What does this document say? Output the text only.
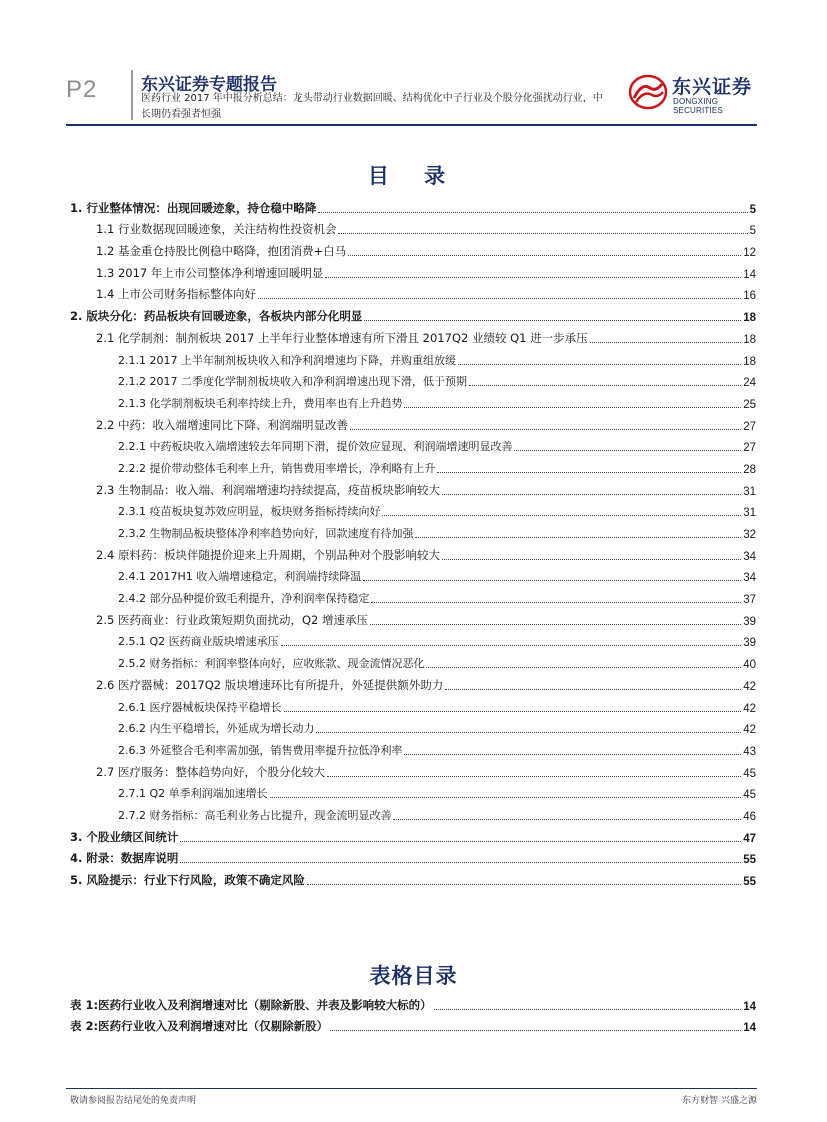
P2	东兴证券专题报告
医药行业 2017 年中报分析总结：龙头带动行业数据回暖、结构优化中子行业及个股分化强扰动行业，中长期仍看强者恒强
东兴证券
DONGXING SECURITIES
目 录
1. 行业整体情况：出现回暖迹象，持仓稳中略降	5
1.1 行业数据现回暖迹象，关注结构性投资机会	5
1.2 基金重仓持股比例稳中略降，抱团消费+白马	12
1.3 2017 年上市公司整体净利增速回暖明显	14
1.4 上市公司财务指标整体向好	16
2. 版块分化：药品板块有回暖迹象，各板块内部分化明显	18
2.1 化学制剂：制剂板块 2017 上半年行业整体增速有所下滑且 2017Q2 业绩较 Q1 进一步承压	18
2.1.1 2017 上半年制剂板块收入和净利润增速均下降，并购重组放缓	18
2.1.2 2017 二季度化学制剂板块收入和净利润增速出现下滑，低于预期	24
2.1.3 化学制剂板块毛利率持续上升，费用率也有上升趋势	25
2.2 中药：收入端增速同比下降、利润端明显改善	27
2.2.1 中药板块收入端增速较去年同期下滑，提价效应显现、利润端增速明显改善	27
2.2.2 提价带动整体毛利率上升，销售费用率增长，净利略有上升	28
2.3 生物制品：收入端、利润端增速均持续提高，疫苗板块影响较大	31
2.3.1 疫苗板块复苏效应明显，板块财务指标持续向好	31
2.3.2 生物制品板块整体净利率趋势向好，回款速度有待加强	32
2.4 原料药：板块伴随提价迎来上升周期，个别品种对个股影响较大	34
2.4.1 2017H1 收入端增速稳定，利润端持续降温	34
2.4.2 部分品种提价致毛利提升，净利润率保持稳定	37
2.5 医药商业：行业政策短期负面扰动，Q2 增速承压	39
2.5.1 Q2 医药商业版块增速承压	39
2.5.2 财务指标：利润率整体向好，应收账款、现金流情况恶化	40
2.6 医疗器械：2017Q2 版块增速环比有所提升，外延提供额外助力	42
2.6.1 医疗器械板块保持平稳增长	42
2.6.2 内生平稳增长，外延成为增长动力	42
2.6.3 外延整合毛利率需加强，销售费用率提升拉低净利率	43
2.7 医疗服务：整体趋势向好，个股分化较大	45
2.7.1 Q2 单季利润端加速增长	45
2.7.2 财务指标：高毛利业务占比提升，现金流明显改善	46
3. 个股业绩区间统计	47
4. 附录：数据库说明	55
5. 风险提示：行业下行风险，政策不确定风险	55
表格目录
表 1:医药行业收入及利润增速对比（剔除新股、并表及影响较大标的）	14
表 2:医药行业收入及利润增速对比（仅剔除新股）	14
敬请参阅报告结尾处的免责声明	东方财智 兴盛之源
